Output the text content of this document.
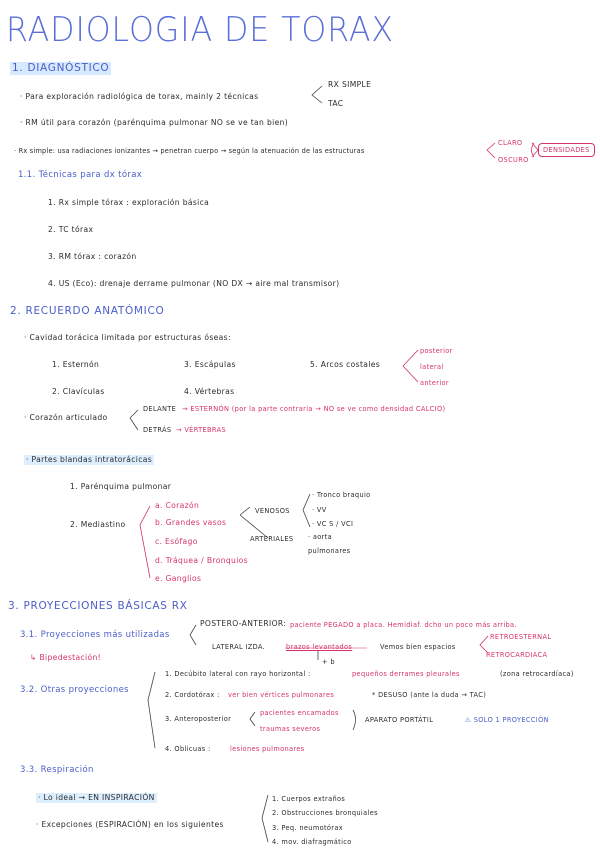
RADIOLOGIA DE TORAX
1. DIAGNÓSTICO
· Para exploración radiológica de torax, mainly 2 técnicas
RX SIMPLE
TAC
· RM útil para corazón (parénquima pulmonar NO se ve tan bien)
· Rx simple: usa radiaciones ionizantes → penetran cuerpo → según la atenuación de las estructuras
CLARO
OSCURO
DENSIDADES
1.1. Técnicas para dx tórax
1. Rx simple tórax : exploración básica
2. TC tórax
3. RM tórax : corazón
4. US (Eco): drenaje derrame pulmonar (NO DX → aire mal transmisor)
2. RECUERDO ANATÓMICO
· Cavidad torácica limitada por estructuras óseas:
1. Esternón
2. Clavículas
3. Escápulas
4. Vértebras
5. Arcos costales
posterior
lateral
anterior
· Corazón articulado
DELANTE → ESTERNÓN (por la parte contraria → NO se ve como densidad CALCIO)
DETRÁS → VÉRTEBRAS
· Partes blandas intratorácicas
1. Parénquima pulmonar
2. Mediastino
a. Corazón
b. Grandes vasos
c. Esófago
d. Tráquea / Bronquios
e. Ganglios
VENOSOS
· Tronco braquio
· VV
· VC S / VCI
ARTERIALES · aorta
pulmonares
3. PROYECCIONES BÁSICAS RX
3.1. Proyecciones más utilizadas
↳ Bipedestación!
POSTERO-ANTERIOR: paciente PEGADO a placa. Hemidiaf. dcho un poco más arriba.
LATERAL IZDA.	brazos levantados	Vemos bien espacios
RETROESTERNAL
RETROCARDIACA
+ b
3.2. Otras proyecciones
1. Decúbito lateral con rayo horizontal :	pequeños derrames pleurales	(zona retrocardíaca)
2. Cordotórax : ver bien vértices pulmonares	* DESUSO (ante la duda → TAC)
3. Anteroposterior
pacientes encamados
traumas severos
APARATO PORTÁTIL	⚠ SOLO 1 PROYECCIÓN
4. Oblicuas :	lesiones pulmonares
3.3. Respiración
· Lo ideal → EN INSPIRACIÓN
· Excepciones (ESPIRACIÓN) en los siguientes
1. Cuerpos extraños
2. Obstrucciones bronquiales
3. Peq. neumotórax
4. mov. diafragmático
